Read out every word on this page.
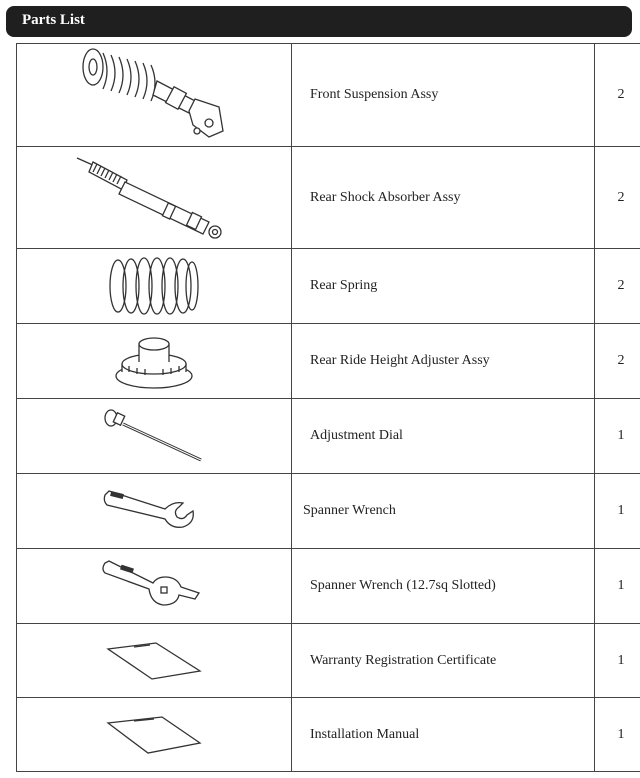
Parts List
	Front Suspension Assy	2

	Rear Shock Absorber Assy	2

	Rear Spring	2

	Rear Ride Height Adjuster Assy	2

	Adjustment Dial	1

	Spanner Wrench	1

	Spanner Wrench (12.7sq Slotted)	1

	Warranty Registration Certificate	1

	Installation Manual	1
